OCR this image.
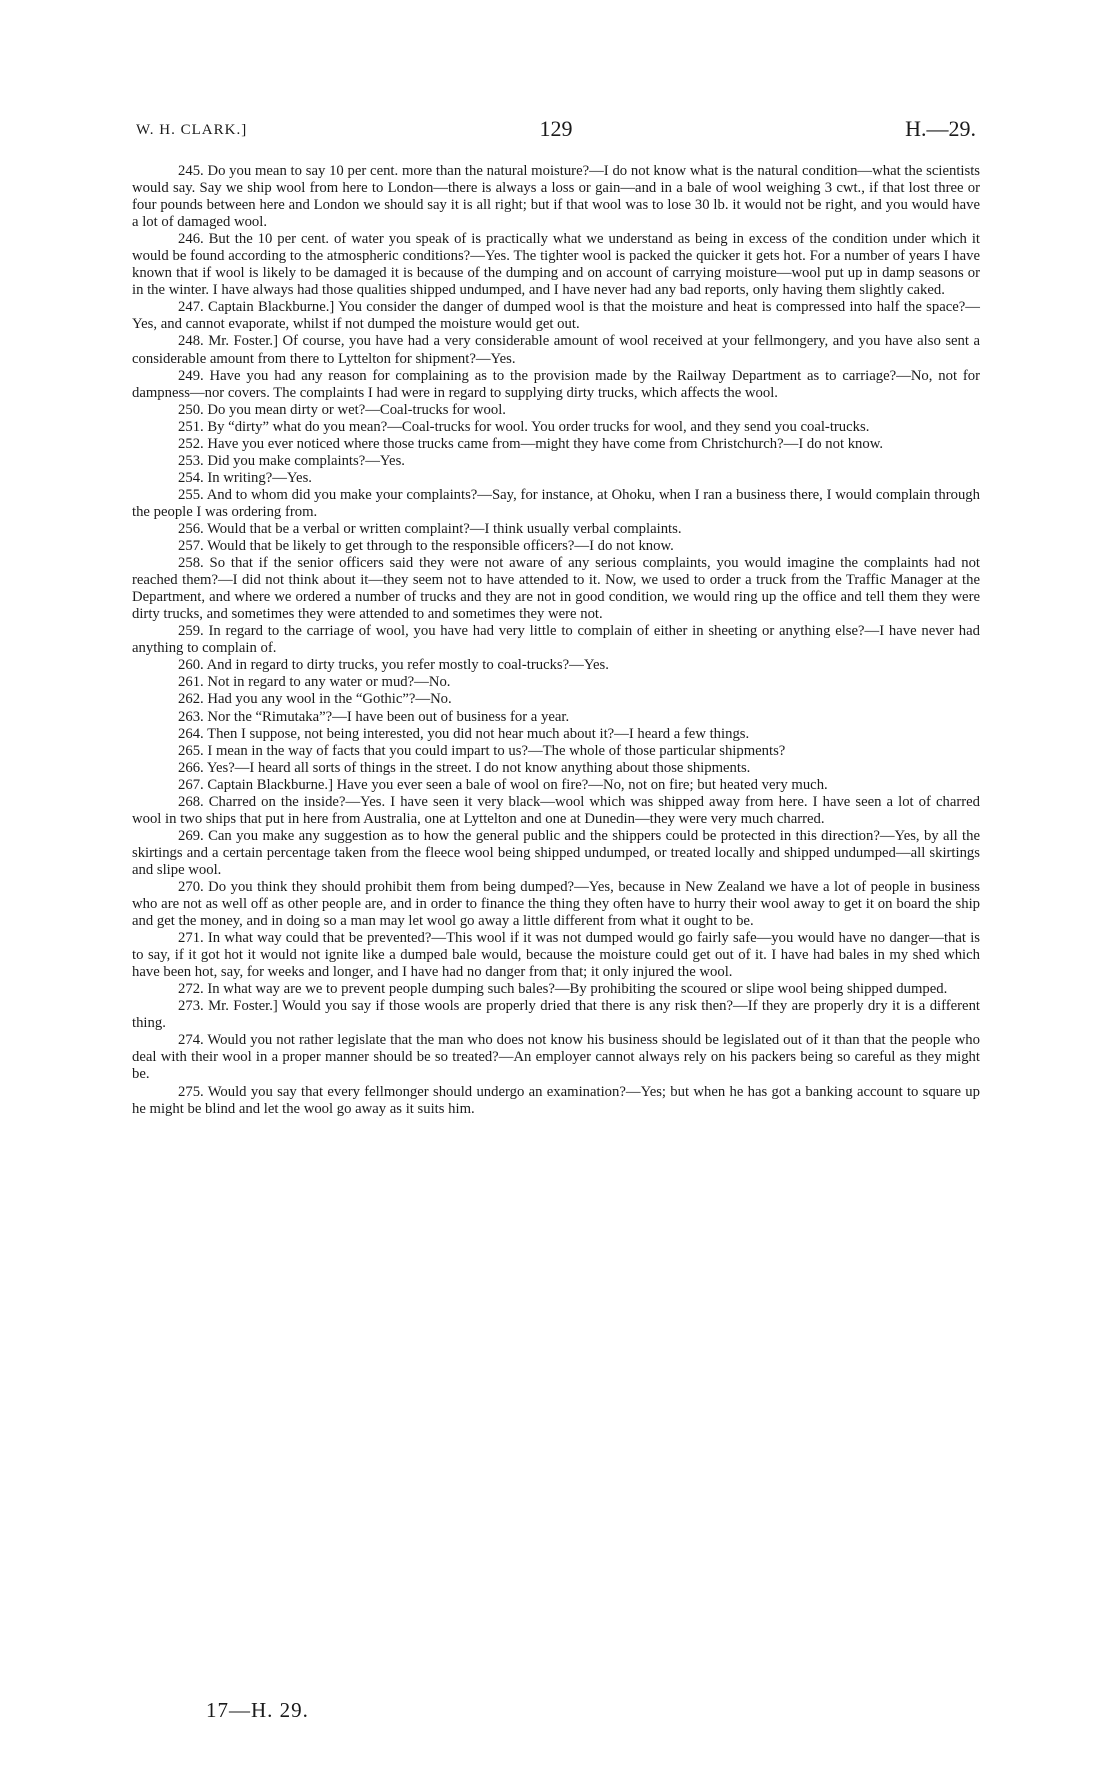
W. H. CLARK.]	129	H.—29.

245. Do you mean to say 10 per cent. more than the natural moisture?—I do not know what is the natural condition—what the scientists would say. Say we ship wool from here to London—there is always a loss or gain—and in a bale of wool weighing 3 cwt., if that lost three or four pounds between here and London we should say it is all right; but if that wool was to lose 30 lb. it would not be right, and you would have a lot of damaged wool.

246. But the 10 per cent. of water you speak of is practically what we understand as being in excess of the condition under which it would be found according to the atmospheric conditions?—Yes. The tighter wool is packed the quicker it gets hot. For a number of years I have known that if wool is likely to be damaged it is because of the dumping and on account of carrying moisture—wool put up in damp seasons or in the winter. I have always had those qualities shipped undumped, and I have never had any bad reports, only having them slightly caked.

247. Captain Blackburne.] You consider the danger of dumped wool is that the moisture and heat is compressed into half the space?—Yes, and cannot evaporate, whilst if not dumped the moisture would get out.

248. Mr. Foster.] Of course, you have had a very considerable amount of wool received at your fellmongery, and you have also sent a considerable amount from there to Lyttelton for shipment?—Yes.

249. Have you had any reason for complaining as to the provision made by the Railway Department as to carriage?—No, not for dampness—nor covers. The complaints I had were in regard to supplying dirty trucks, which affects the wool.

250. Do you mean dirty or wet?—Coal-trucks for wool.

251. By “dirty” what do you mean?—Coal-trucks for wool. You order trucks for wool, and they send you coal-trucks.

252. Have you ever noticed where those trucks came from—might they have come from Christchurch?—I do not know.

253. Did you make complaints?—Yes.

254. In writing?—Yes.

255. And to whom did you make your complaints?—Say, for instance, at Ohoku, when I ran a business there, I would complain through the people I was ordering from.

256. Would that be a verbal or written complaint?—I think usually verbal complaints.

257. Would that be likely to get through to the responsible officers?—I do not know.

258. So that if the senior officers said they were not aware of any serious complaints, you would imagine the complaints had not reached them?—I did not think about it—they seem not to have attended to it. Now, we used to order a truck from the Traffic Manager at the Department, and where we ordered a number of trucks and they are not in good condition, we would ring up the office and tell them they were dirty trucks, and sometimes they were attended to and sometimes they were not.

259. In regard to the carriage of wool, you have had very little to complain of either in sheeting or anything else?—I have never had anything to complain of.

260. And in regard to dirty trucks, you refer mostly to coal-trucks?—Yes.

261. Not in regard to any water or mud?—No.

262. Had you any wool in the “Gothic”?—No.

263. Nor the “Rimutaka”?—I have been out of business for a year.

264. Then I suppose, not being interested, you did not hear much about it?—I heard a few things.

265. I mean in the way of facts that you could impart to us?—The whole of those particular shipments?

266. Yes?—I heard all sorts of things in the street. I do not know anything about those shipments.

267. Captain Blackburne.] Have you ever seen a bale of wool on fire?—No, not on fire; but heated very much.

268. Charred on the inside?—Yes. I have seen it very black—wool which was shipped away from here. I have seen a lot of charred wool in two ships that put in here from Australia, one at Lyttelton and one at Dunedin—they were very much charred.

269. Can you make any suggestion as to how the general public and the shippers could be protected in this direction?—Yes, by all the skirtings and a certain percentage taken from the fleece wool being shipped undumped, or treated locally and shipped undumped—all skirtings and slipe wool.

270. Do you think they should prohibit them from being dumped?—Yes, because in New Zealand we have a lot of people in business who are not as well off as other people are, and in order to finance the thing they often have to hurry their wool away to get it on board the ship and get the money, and in doing so a man may let wool go away a little different from what it ought to be.

271. In what way could that be prevented?—This wool if it was not dumped would go fairly safe—you would have no danger—that is to say, if it got hot it would not ignite like a dumped bale would, because the moisture could get out of it. I have had bales in my shed which have been hot, say, for weeks and longer, and I have had no danger from that; it only injured the wool.

272. In what way are we to prevent people dumping such bales?—By prohibiting the scoured or slipe wool being shipped dumped.

273. Mr. Foster.] Would you say if those wools are properly dried that there is any risk then?—If they are properly dry it is a different thing.

274. Would you not rather legislate that the man who does not know his business should be legislated out of it than that the people who deal with their wool in a proper manner should be so treated?—An employer cannot always rely on his packers being so careful as they might be.

275. Would you say that every fellmonger should undergo an examination?—Yes; but when he has got a banking account to square up he might be blind and let the wool go away as it suits him.

17—H. 29.
